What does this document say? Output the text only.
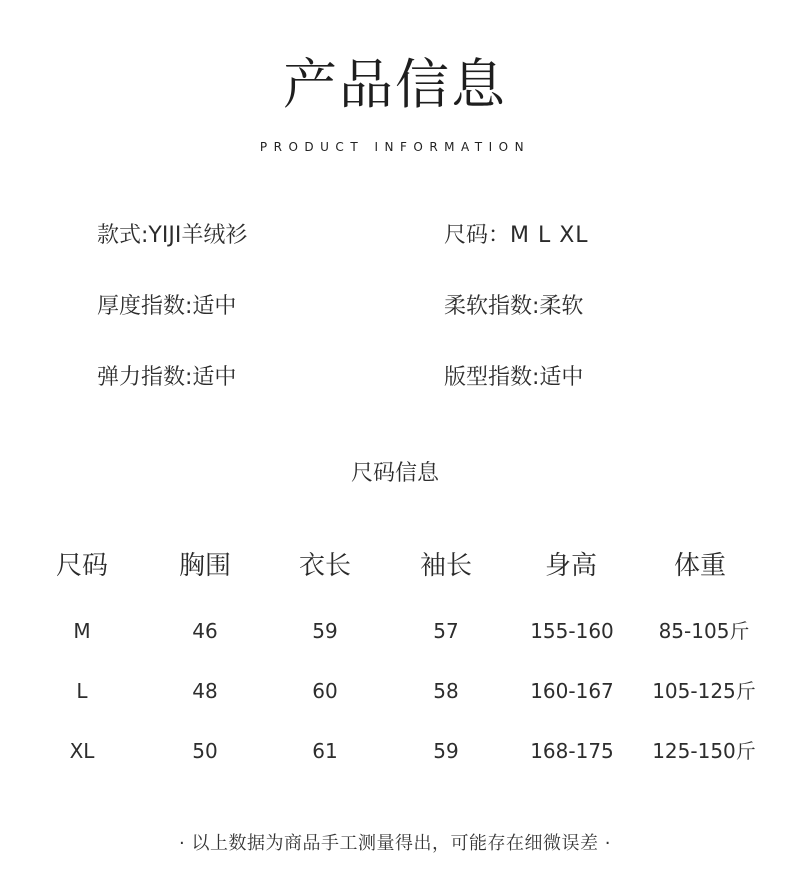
产品信息
PRODUCT INFORMATION
款式:YIJI羊绒衫	尺码：M L XL
厚度指数:适中	柔软指数:柔软
弹力指数:适中	版型指数:适中
尺码信息
尺码	胸围	衣长	袖长	身高	体重
M	46	59	57	155-160	85-105斤
L	48	60	58	160-167	105-125斤
XL	50	61	59	168-175	125-150斤
· 以上数据为商品手工测量得出，可能存在细微误差 ·
